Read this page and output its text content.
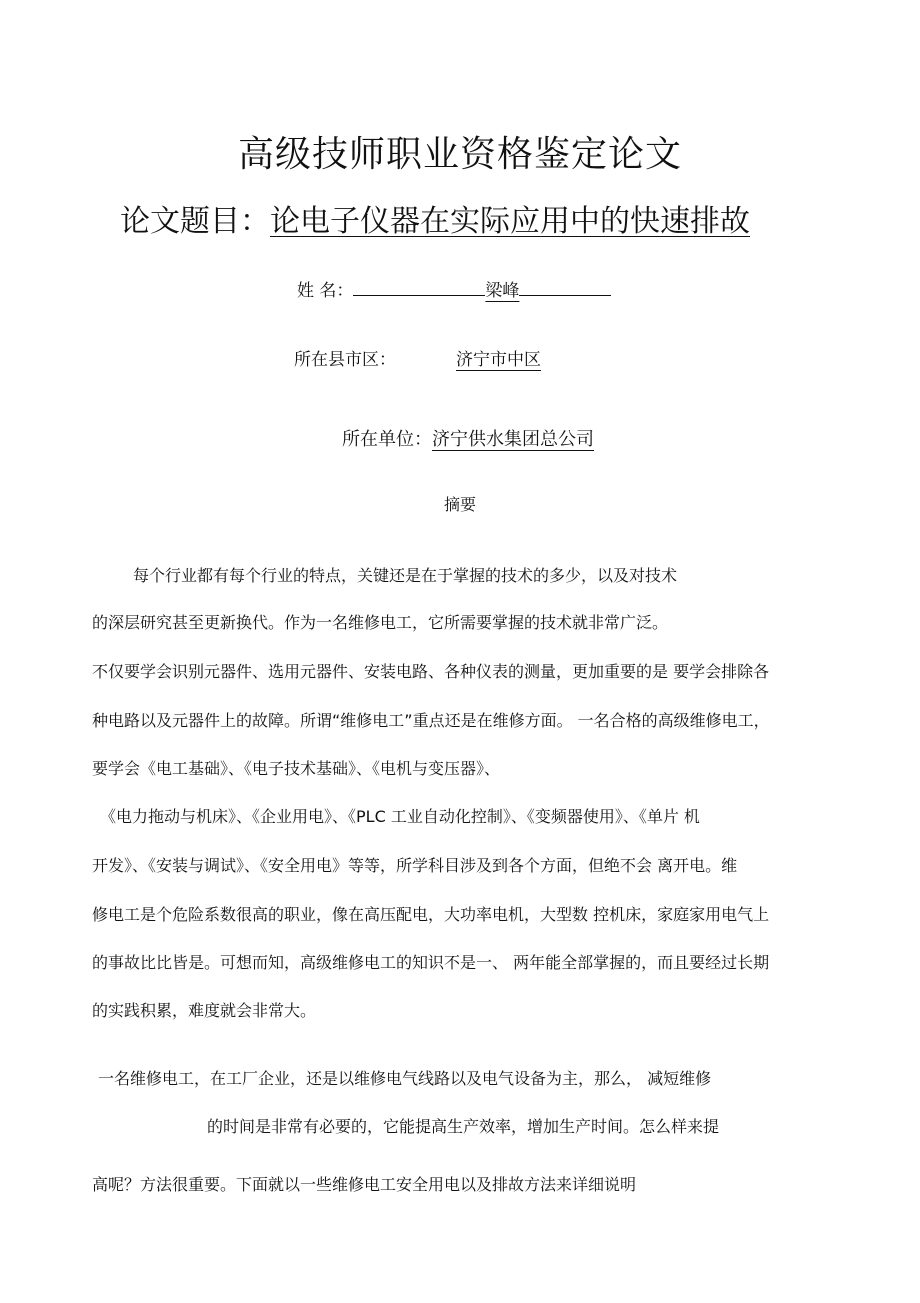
高级技师职业资格鉴定论文
论文题目：论电子仪器在实际应用中的快速排故
姓 名：	梁峰
所在县市区：	济宁市中区
所在单位：济宁供水集团总公司
摘要
每个行业都有每个行业的特点，关键还是在于掌握的技术的多少，以及对技术
的深层研究甚至更新换代。作为一名维修电工，它所需要掌握的技术就非常广泛。
不仅要学会识别元器件、选用元器件、安装电路、各种仪表的测量，更加重要的是 要学会排除各
种电路以及元器件上的故障。所谓“维修电工”重点还是在维修方面。 一名合格的高级维修电工，
要学会《电工基础》、《电子技术基础》、《电机与变压器》、
《电力拖动与机床》、《企业用电》、《PLC 工业自动化控制》、《变频器使用》、《单片 机
开发》、《安装与调试》、《安全用电》等等，所学科目涉及到各个方面，但绝不会 离开电。维
修电工是个危险系数很高的职业，像在高压配电，大功率电机，大型数 控机床，家庭家用电气上
的事故比比皆是。可想而知，高级维修电工的知识不是一、 两年能全部掌握的，而且要经过长期
的实践积累，难度就会非常大。
一名维修电工，在工厂企业，还是以维修电气线路以及电气设备为主，那么， 减短维修
的时间是非常有必要的，它能提高生产效率，增加生产时间。怎么样来提
高呢？方法很重要。下面就以一些维修电工安全用电以及排故方法来详细说明
